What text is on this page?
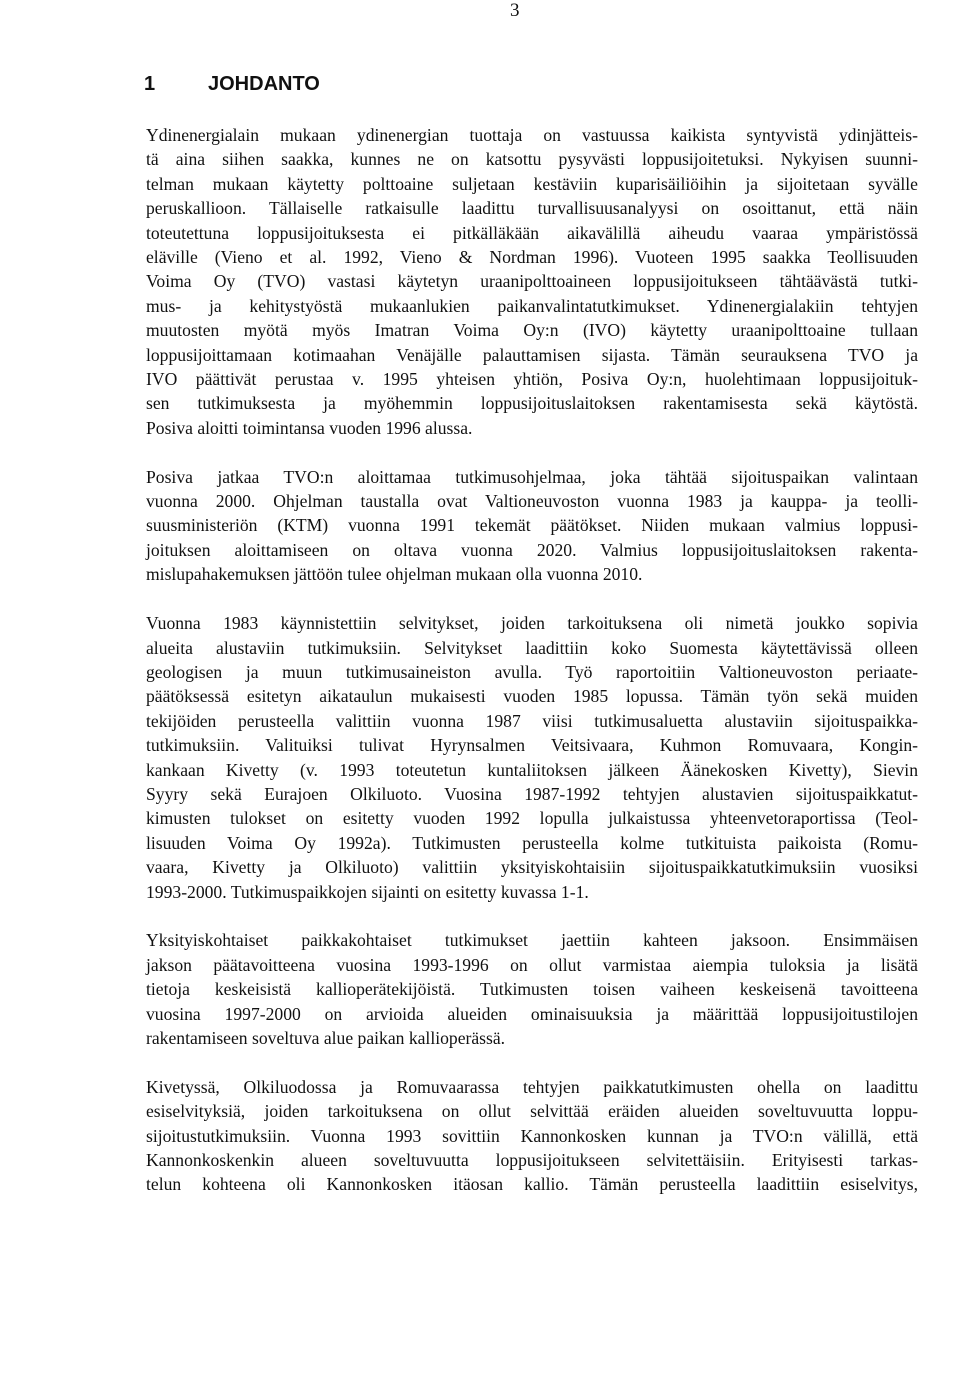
3
1	JOHDANTO

Ydinenergialain mukaan ydinenergian tuottaja on vastuussa kaikista syntyvistä ydinjätteis-
tä aina siihen saakka, kunnes ne on katsottu pysyvästi loppusijoitetuksi. Nykyisen suunni-
telman mukaan käytetty polttoaine suljetaan kestäviin kuparisäiliöihin ja sijoitetaan syvälle
peruskallioon. Tällaiselle ratkaisulle laadittu turvallisuusanalyysi on osoittanut, että näin
toteutettuna loppusijoituksesta ei pitkälläkään aikavälillä aiheudu vaaraa ympäristössä
eläville (Vieno et al. 1992, Vieno & Nordman 1996). Vuoteen 1995 saakka Teollisuuden
Voima Oy (TVO) vastasi käytetyn uraanipolttoaineen loppusijoitukseen tähtäävästä tutki-
mus- ja kehitystyöstä mukaanlukien paikanvalintatutkimukset. Ydinenergialakiin tehtyjen
muutosten myötä myös Imatran Voima Oy:n (IVO) käytetty uraanipolttoaine tullaan
loppusijoittamaan kotimaahan Venäjälle palauttamisen sijasta. Tämän seurauksena TVO ja
IVO päättivät perustaa v. 1995 yhteisen yhtiön, Posiva Oy:n, huolehtimaan loppusijoituk-
sen tutkimuksesta ja myöhemmin loppusijoituslaitoksen rakentamisesta sekä käytöstä.
Posiva aloitti toimintansa vuoden 1996 alussa.

Posiva jatkaa TVO:n aloittamaa tutkimusohjelmaa, joka tähtää sijoituspaikan valintaan
vuonna 2000. Ohjelman taustalla ovat Valtioneuvoston vuonna 1983 ja kauppa- ja teolli-
suusministeriön (KTM) vuonna 1991 tekemät päätökset. Niiden mukaan valmius loppusi-
joituksen aloittamiseen on oltava vuonna 2020. Valmius loppusijoituslaitoksen rakenta-
mislupahakemuksen jättöön tulee ohjelman mukaan olla vuonna 2010.

Vuonna 1983 käynnistettiin selvitykset, joiden tarkoituksena oli nimetä joukko sopivia
alueita alustaviin tutkimuksiin. Selvitykset laadittiin koko Suomesta käytettävissä olleen
geologisen ja muun tutkimusaineiston avulla. Työ raportoitiin Valtioneuvoston periaate-
päätöksessä esitetyn aikataulun mukaisesti vuoden 1985 lopussa. Tämän työn sekä muiden
tekijöiden perusteella valittiin vuonna 1987 viisi tutkimusaluetta alustaviin sijoituspaikka-
tutkimuksiin. Valituiksi tulivat Hyrynsalmen Veitsivaara, Kuhmon Romuvaara, Kongin-
kankaan Kivetty (v. 1993 toteutetun kuntaliitoksen jälkeen Äänekosken Kivetty), Sievin
Syyry sekä Eurajoen Olkiluoto. Vuosina 1987-1992 tehtyjen alustavien sijoituspaikkatut-
kimusten tulokset on esitetty vuoden 1992 lopulla julkaistussa yhteenvetoraportissa (Teol-
lisuuden Voima Oy 1992a). Tutkimusten perusteella kolme tutkituista paikoista (Romu-
vaara, Kivetty ja Olkiluoto) valittiin yksityiskohtaisiin sijoituspaikkatutkimuksiin vuosiksi
1993-2000. Tutkimuspaikkojen sijainti on esitetty kuvassa 1-1.

Yksityiskohtaiset paikkakohtaiset tutkimukset jaettiin kahteen jaksoon. Ensimmäisen
jakson päätavoitteena vuosina 1993-1996 on ollut varmistaa aiempia tuloksia ja lisätä
tietoja keskeisistä kallioperätekijöistä. Tutkimusten toisen vaiheen keskeisenä tavoitteena
vuosina 1997-2000 on arvioida alueiden ominaisuuksia ja määrittää loppusijoitustilojen
rakentamiseen soveltuva alue paikan kallioperässä.

Kivetyssä, Olkiluodossa ja Romuvaarassa tehtyjen paikkatutkimusten ohella on laadittu
esiselvityksiä, joiden tarkoituksena on ollut selvittää eräiden alueiden soveltuvuutta loppu-
sijoitustutkimuksiin. Vuonna 1993 sovittiin Kannonkosken kunnan ja TVO:n välillä, että
Kannonkoskenkin alueen soveltuvuutta loppusijoitukseen selvitettäisiin. Erityisesti tarkas-
telun kohteena oli Kannonkosken itäosan kallio. Tämän perusteella laadittiin esiselvitys,
